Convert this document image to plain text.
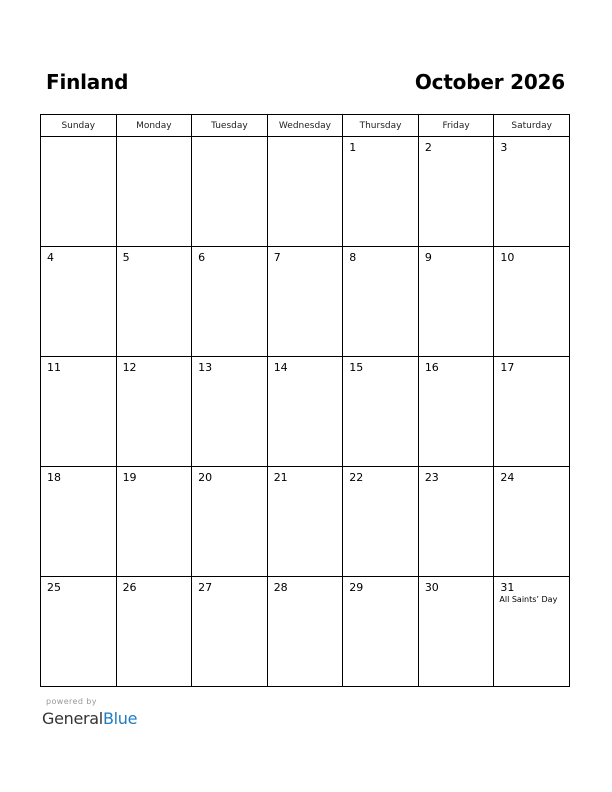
Finland	October 2026
Sunday	Monday	Tuesday	Wednesday	Thursday	Friday	Saturday

				1	2	3

4	5	6	7	8	9	10

11	12	13	14	15	16	17

18	19	20	21	22	23	24

25	26	27	28	29	30	31
All Saints’ Day
powered by
GeneralBlue
